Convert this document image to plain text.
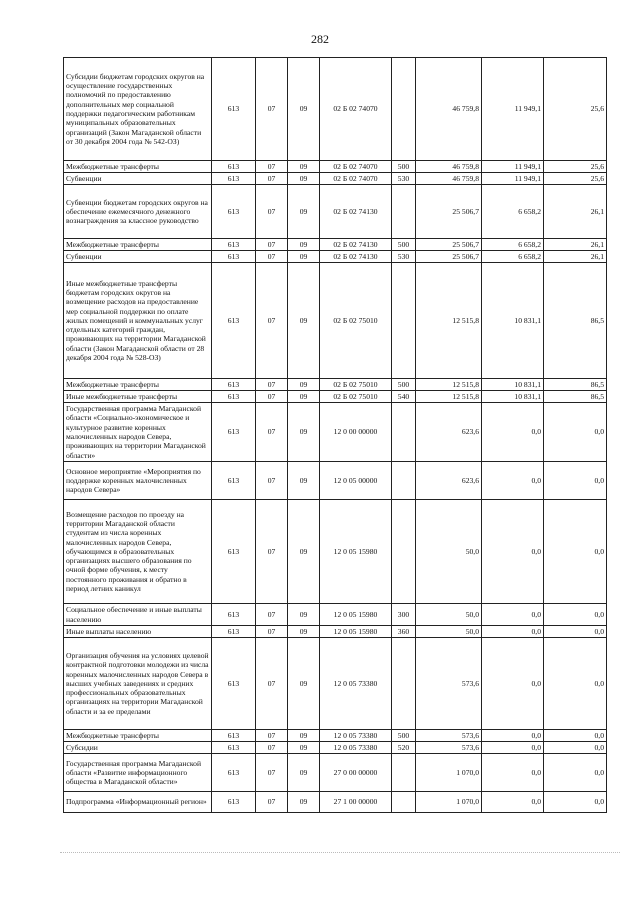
282
Субсидии бюджетам городских округов на осуществление государственных полномочий по предоставлению дополнительных мер социальной поддержки педагогическим работникам муниципальных образовательных организаций (Закон Магаданской области от 30 декабря 2004 года № 542-ОЗ)	613	07	09	02 Б 02 74070		46 759,8	11 949,1	25,6
Межбюджетные трансферты	613	07	09	02 Б 02 74070	500	46 759,8	11 949,1	25,6
Субвенции	613	07	09	02 Б 02 74070	530	46 759,8	11 949,1	25,6
Субвенции бюджетам городских округов на обеспечение ежемесячного денежного вознаграждения за классное руководство	613	07	09	02 Б 02 74130		25 506,7	6 658,2	26,1
Межбюджетные трансферты	613	07	09	02 Б 02 74130	500	25 506,7	6 658,2	26,1
Субвенции	613	07	09	02 Б 02 74130	530	25 506,7	6 658,2	26,1
Иные межбюджетные трансферты бюджетам городских округов на возмещение расходов на предоставление мер социальной поддержки по оплате жилых помещений и коммунальных услуг отдельных категорий граждан, проживающих на территории Магаданской области (Закон Магаданской области от 28 декабря 2004 года № 528-ОЗ)	613	07	09	02 Б 02 75010		12 515,8	10 831,1	86,5
Межбюджетные трансферты	613	07	09	02 Б 02 75010	500	12 515,8	10 831,1	86,5
Иные межбюджетные трансферты	613	07	09	02 Б 02 75010	540	12 515,8	10 831,1	86,5
Государственная программа Магаданской области «Социально-экономическое и культурное развитие коренных малочисленных народов Севера, проживающих на территории Магаданской области»	613	07	09	12 0 00 00000		623,6	0,0	0,0
Основное мероприятие «Мероприятия по поддержке коренных малочисленных народов Севера»	613	07	09	12 0 05 00000		623,6	0,0	0,0
Возмещение расходов по проезду на территории Магаданской области студентам из числа коренных малочисленных народов Севера, обучающимся в образовательных организациях высшего образования по очной форме обучения, к месту постоянного проживания и обратно в период летних каникул	613	07	09	12 0 05 15980		50,0	0,0	0,0
Социальное обеспечение и иные выплаты населению	613	07	09	12 0 05 15980	300	50,0	0,0	0,0
Иные выплаты населению	613	07	09	12 0 05 15980	360	50,0	0,0	0,0
Организация обучения на условиях целевой контрактной подготовки молодежи из числа коренных малочисленных народов Севера в высших учебных заведениях и средних профессиональных образовательных организациях на территории Магаданской области и за ее пределами	613	07	09	12 0 05 73380		573,6	0,0	0,0
Межбюджетные трансферты	613	07	09	12 0 05 73380	500	573,6	0,0	0,0
Субсидии	613	07	09	12 0 05 73380	520	573,6	0,0	0,0
Государственная программа Магаданской области «Развитие информационного общества в Магаданской области»	613	07	09	27 0 00 00000		1 070,0	0,0	0,0
Подпрограмма «Информационный регион»	613	07	09	27 1 00 00000		1 070,0	0,0	0,0
